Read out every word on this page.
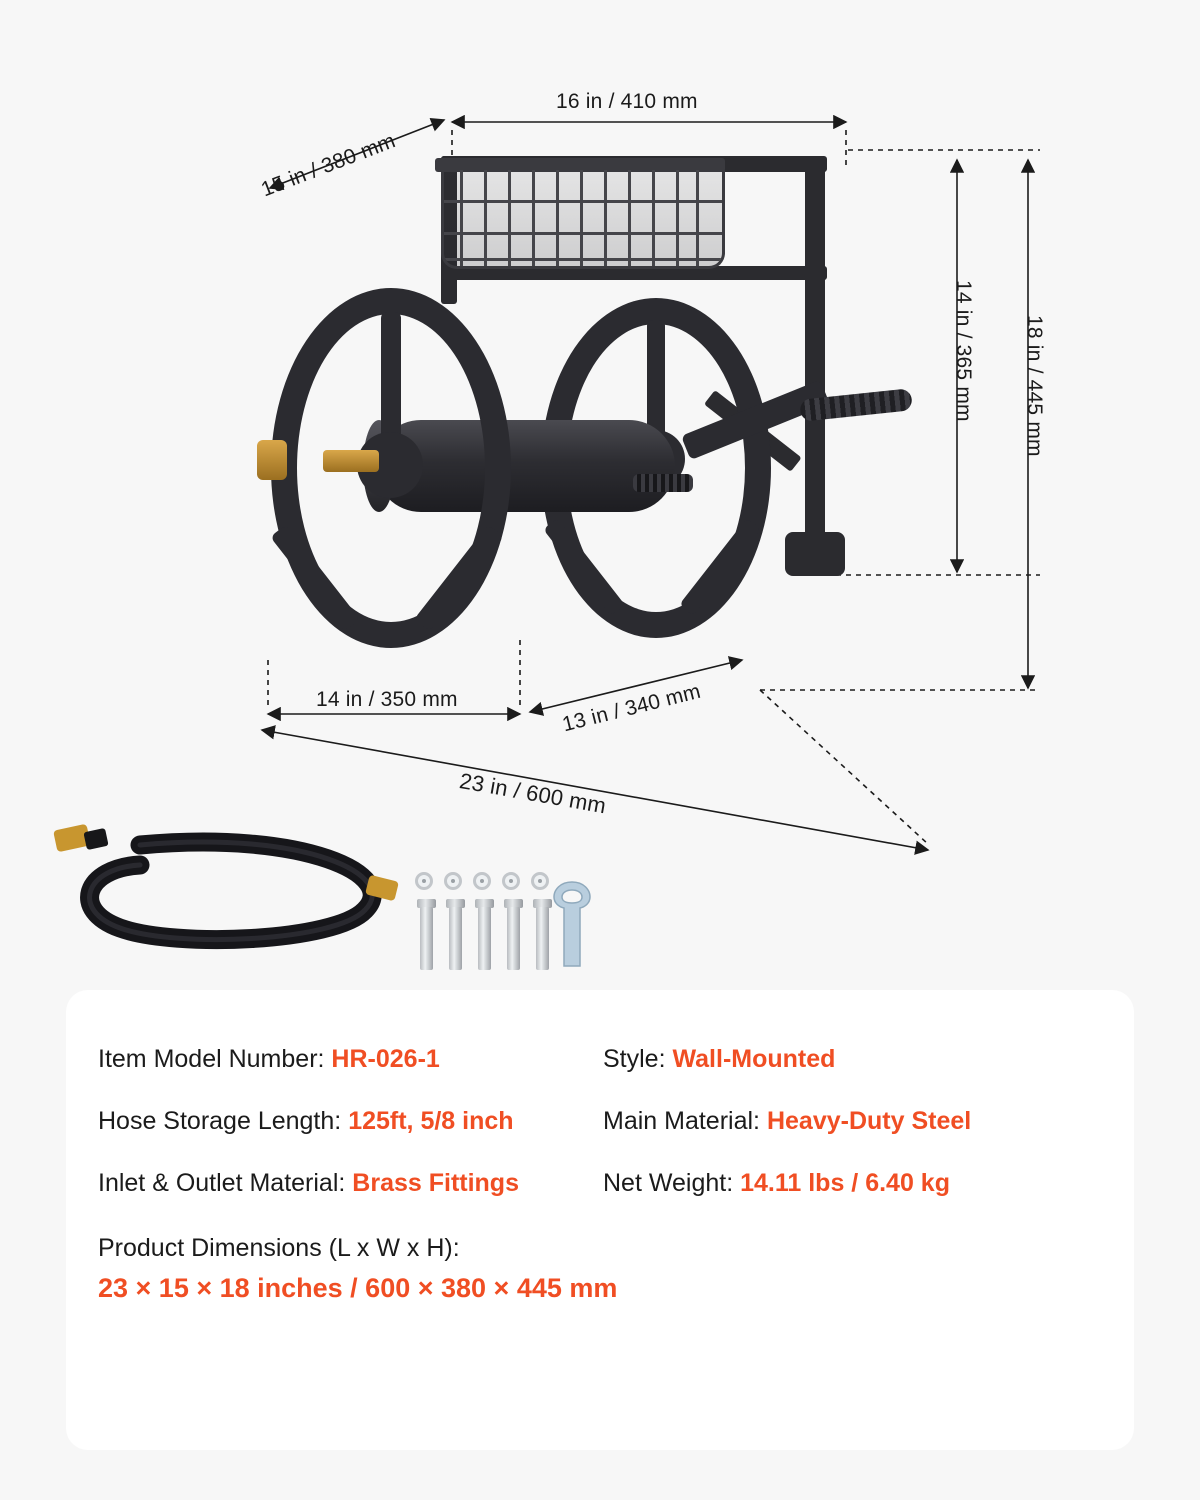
15 in / 380 mm
16 in / 410 mm
14 in / 365 mm 18 in / 445 mm
14 in / 350 mm	13 in / 340 mm
23 in / 600 mm
Item Model Number: HR-026-1	Style: Wall-Mounted
Hose Storage Length: 125ft, 5/8 inch	Main Material: Heavy-Duty Steel
Inlet & Outlet Material: Brass Fittings	Net Weight: 14.11 lbs / 6.40 kg
Product Dimensions (L x W x H):
23 × 15 × 18 inches / 600 × 380 × 445 mm
